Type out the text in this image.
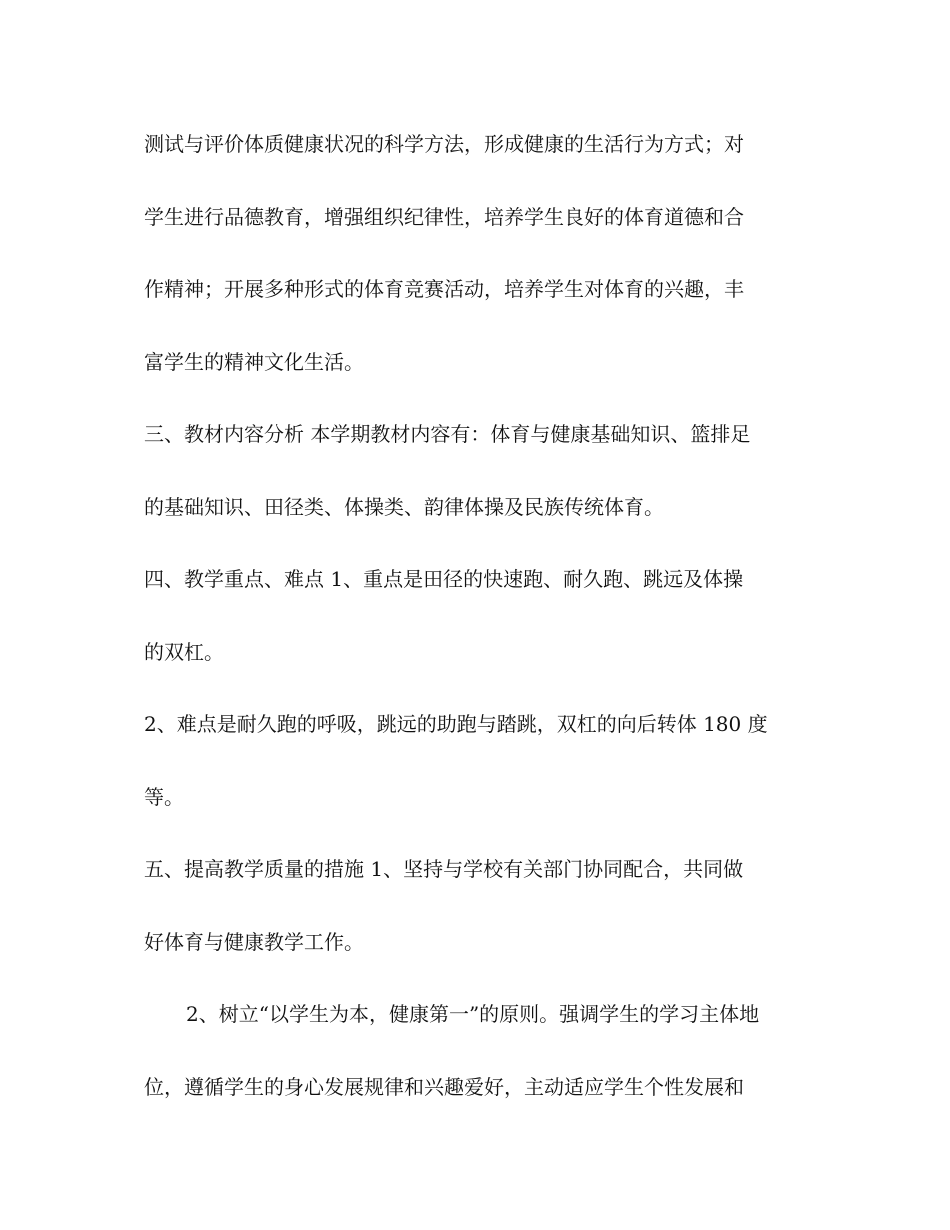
测试与评价体质健康状况的科学方法，形成健康的生活行为方式；对
学生进行品德教育，增强组织纪律性，培养学生良好的体育道德和合
作精神；开展多种形式的体育竞赛活动，培养学生对体育的兴趣，丰
富学生的精神文化生活。
三、教材内容分析 本学期教材内容有：体育与健康基础知识、篮排足
的基础知识、田径类、体操类、韵律体操及民族传统体育。
四、教学重点、难点 1、重点是田径的快速跑、耐久跑、跳远及体操
的双杠。
2、难点是耐久跑的呼吸，跳远的助跑与踏跳，双杠的向后转体 180 度
等。
五、提高教学质量的措施 1、坚持与学校有关部门协同配合，共同做
好体育与健康教学工作。
2、树立“以学生为本，健康第一”的原则。强调学生的学习主体地
位，遵循学生的身心发展规律和兴趣爱好，主动适应学生个性发展和
